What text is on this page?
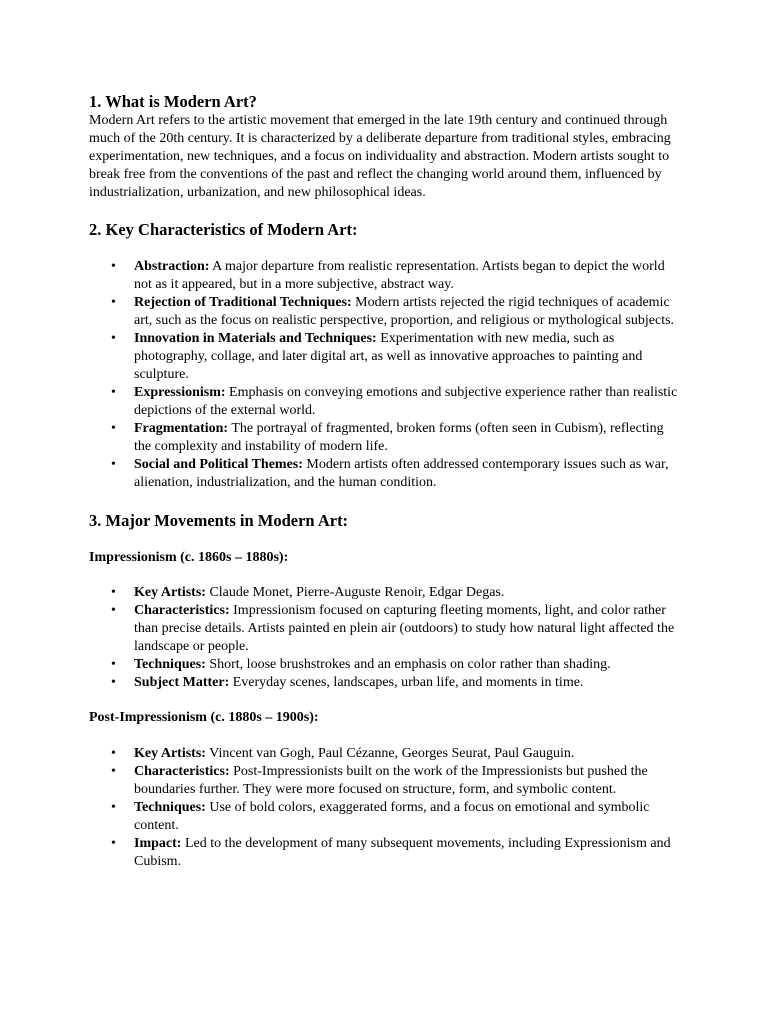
1. What is Modern Art?

Modern Art refers to the artistic movement that emerged in the late 19th century and continued through much of the 20th century. It is characterized by a deliberate departure from traditional styles, embracing experimentation, new techniques, and a focus on individuality and abstraction. Modern artists sought to break free from the conventions of the past and reflect the changing world around them, influenced by industrialization, urbanization, and new philosophical ideas.

2. Key Characteristics of Modern Art:
• Abstraction: A major departure from realistic representation. Artists began to depict the world not as it appeared, but in a more subjective, abstract way.
• Rejection of Traditional Techniques: Modern artists rejected the rigid techniques of academic art, such as the focus on realistic perspective, proportion, and religious or mythological subjects.
• Innovation in Materials and Techniques: Experimentation with new media, such as photography, collage, and later digital art, as well as innovative approaches to painting and sculpture.
• Expressionism: Emphasis on conveying emotions and subjective experience rather than realistic depictions of the external world.
• Fragmentation: The portrayal of fragmented, broken forms (often seen in Cubism), reflecting the complexity and instability of modern life.
• Social and Political Themes: Modern artists often addressed contemporary issues such as war, alienation, industrialization, and the human condition.
3. Major Movements in Modern Art:
Impressionism (c. 1860s – 1880s):
• Key Artists: Claude Monet, Pierre-Auguste Renoir, Edgar Degas.
• Characteristics: Impressionism focused on capturing fleeting moments, light, and color rather than precise details. Artists painted en plein air (outdoors) to study how natural light affected the landscape or people.
• Techniques: Short, loose brushstrokes and an emphasis on color rather than shading.
• Subject Matter: Everyday scenes, landscapes, urban life, and moments in time.
Post-Impressionism (c. 1880s – 1900s):
• Key Artists: Vincent van Gogh, Paul Cézanne, Georges Seurat, Paul Gauguin.
• Characteristics: Post-Impressionists built on the work of the Impressionists but pushed the boundaries further. They were more focused on structure, form, and symbolic content.
• Techniques: Use of bold colors, exaggerated forms, and a focus on emotional and symbolic content.
• Impact: Led to the development of many subsequent movements, including Expressionism and Cubism.
